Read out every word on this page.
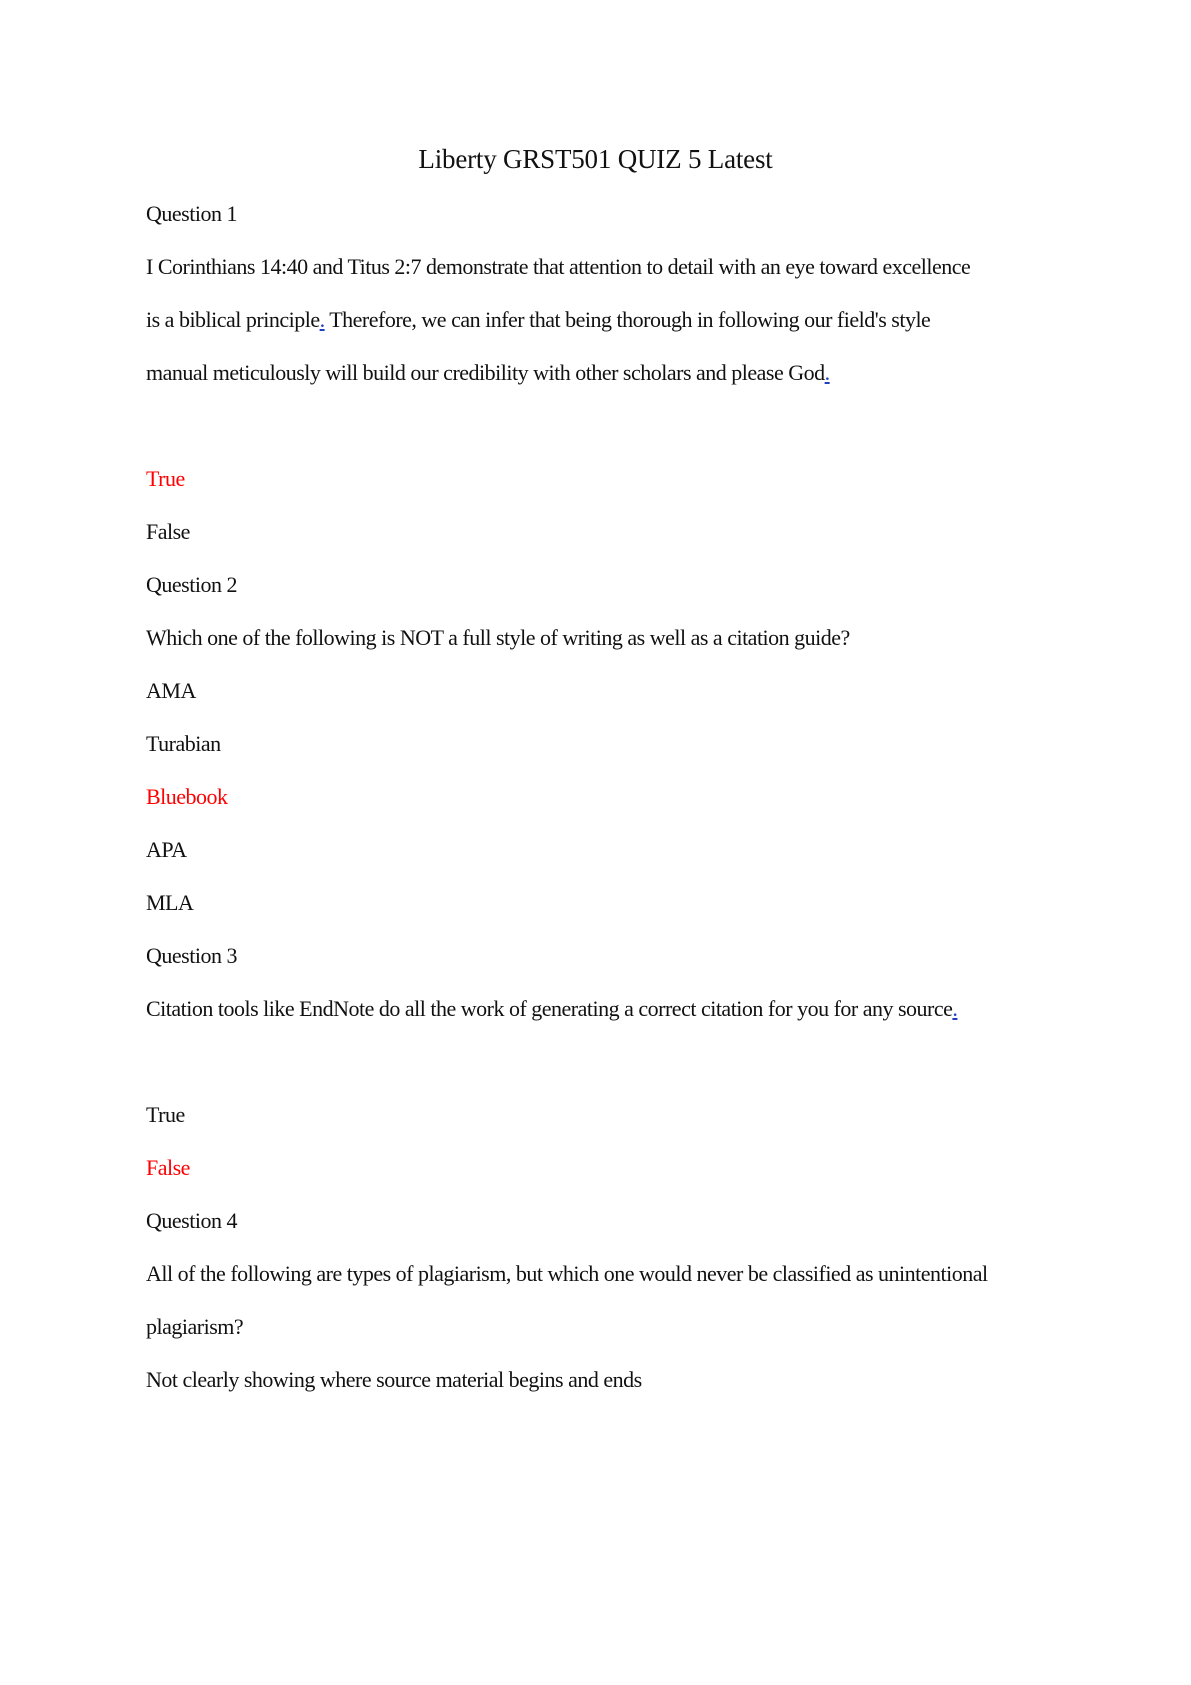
Liberty GRST501 QUIZ 5 Latest
Question 1
I Corinthians 14:40 and Titus 2:7 demonstrate that attention to detail with an eye toward excellence
is a biblical principle. Therefore, we can infer that being thorough in following our field's style
manual meticulously will build our credibility with other scholars and please God.
True
False
Question 2
Which one of the following is NOT a full style of writing as well as a citation guide?
AMA
Turabian
Bluebook
APA
MLA
Question 3
Citation tools like EndNote do all the work of generating a correct citation for you for any source.
True
False
Question 4
All of the following are types of plagiarism, but which one would never be classified as unintentional
plagiarism?
Not clearly showing where source material begins and ends
